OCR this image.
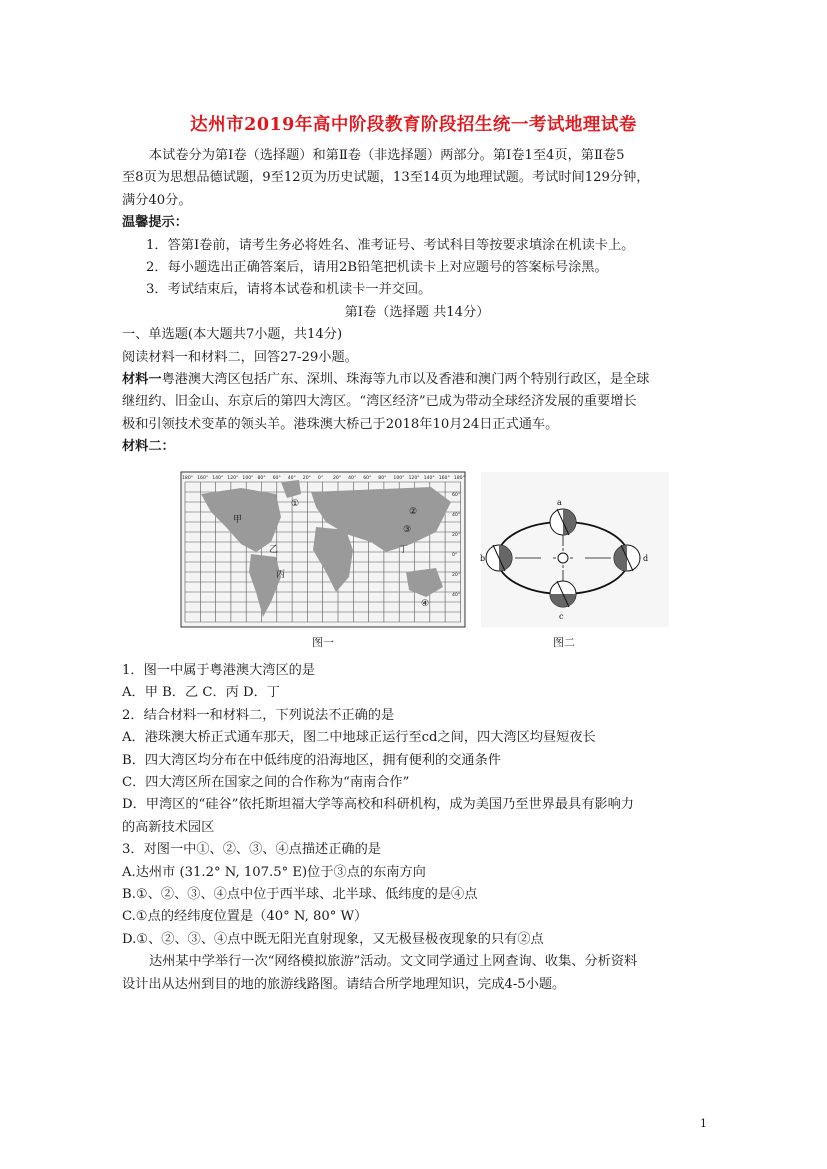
达州市2019年高中阶段教育阶段招生统一考试地理试卷
本试卷分为第Ⅰ卷（选择题）和第Ⅱ卷（非选择题）两部分。第Ⅰ卷1至4页，第Ⅱ卷5
至8页为思想品德试题，9至12页为历史试题，13至14页为地理试题。考试时间129分钟，
满分40分。
温馨提示：
1．答第Ⅰ卷前，请考生务必将姓名、准考证号、考试科目等按要求填涂在机读卡上。
2．每小题选出正确答案后，请用2B铅笔把机读卡上对应题号的答案标号涂黑。
3．考试结束后，请将本试卷和机读卡一并交回。
第Ⅰ卷（选择题 共14分）
一、单选题(本大题共7小题，共14分)
阅读材料一和材料二，回答27-29小题。
材料一粤港澳大湾区包括广东、深圳、珠海等九市以及香港和澳门两个特别行政区，是全球
继纽约、旧金山、东京后的第四大湾区。“湾区经济”已成为带动全球经济发展的重要增长
极和引领技术变革的领头羊。港珠澳大桥己于2018年10月24日正式通车。
材料二：
180° 160° 140° 120° 100° 80° 60° 40° 20° 0° 20° 40° 60° 80° 100° 120° 140° 160° 180°
60°
40°
20°
0°
20°
40°
甲
乙
丙
丁
①
②
③
④
图一
a
b
c
d
图二
1．图一中属于粤港澳大湾区的是
A．甲 B．乙 C．丙 D．丁
2．结合材料一和材料二，下列说法不正确的是
A．港珠澳大桥正式通车那天，图二中地球正运行至cd之间，四大湾区均昼短夜长
B．四大湾区均分布在中低纬度的沿海地区，拥有便利的交通条件
C．四大湾区所在国家之间的合作称为“南南合作”
D．甲湾区的“硅谷”依托斯坦福大学等高校和科研机构，成为美国乃至世界最具有影响力
的高新技术园区
3．对图一中①、②、③、④点描述正确的是
A.达州市 (31.2° N, 107.5° E)位于③点的东南方向
B.①、②、③、④点中位于西半球、北半球、低纬度的是④点
C.①点的经纬度位置是（40° N, 80° W）
D.①、②、③、④点中既无阳光直射现象，又无极昼极夜现象的只有②点
达州某中学举行一次“网络模拟旅游”活动。文文同学通过上网查询、收集、分析资料
设计出从达州到目的地的旅游线路图。请结合所学地理知识，完成4-5小题。
1
